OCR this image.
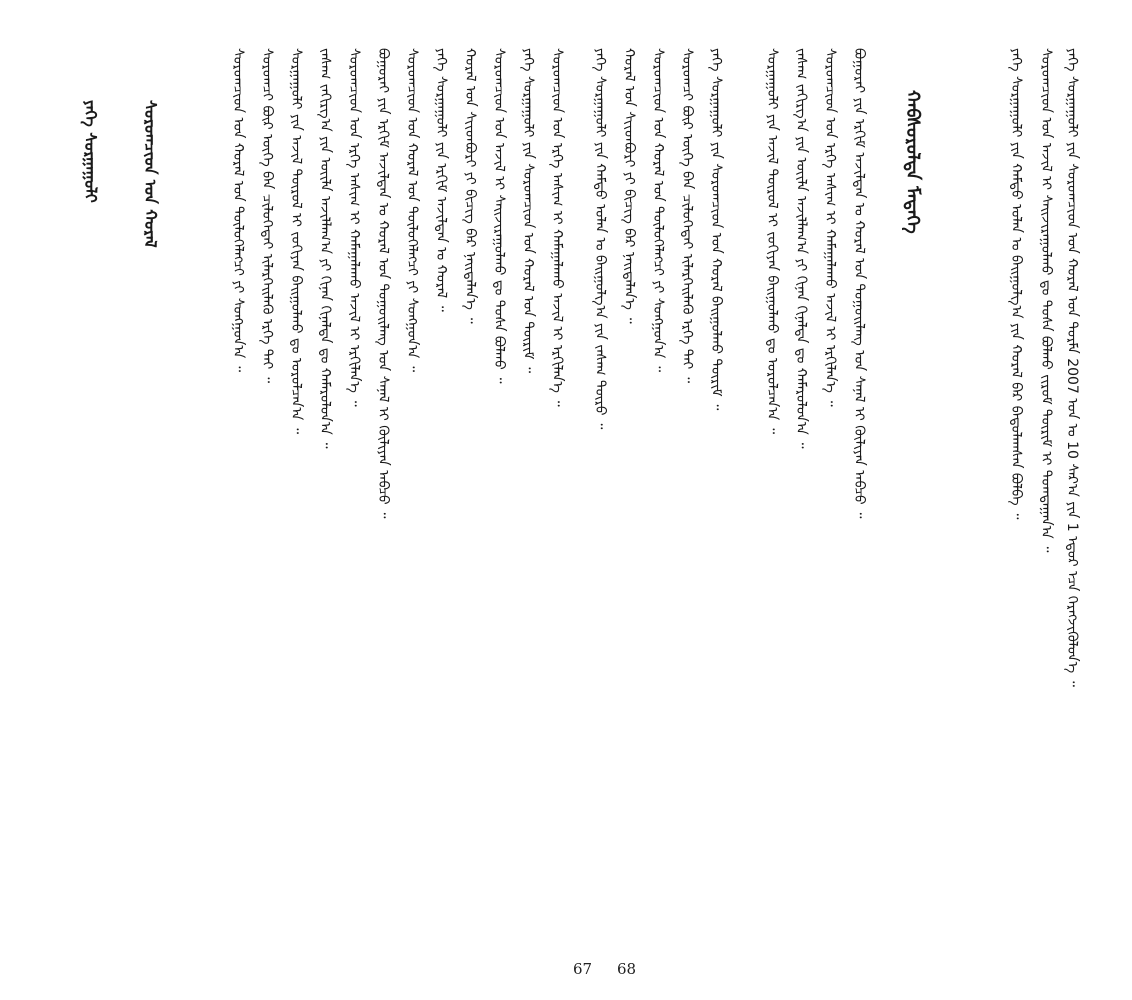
ᠶᠡᠬᠡ ᠰᠤᠷᠭᠠᠭᠤᠯᠢ ᠶᠢᠨ ᠰᠤᠷᠤᠭᠴᠢᠳ ᠤᠨ ᠬᠤᠷᠠᠯ ᠤᠨ ᠳᠤᠷᠮᠠ 2007 ᠣᠨ ᠤ 10 ᠰᠠᠷ᠎ᠠ ᠶᠢᠨ 1 ᠡᠳᠦᠷ ᠡᠴᠡ ᠬᠡᠷᠡᠭᠵᠢᠭᠦᠯᠦᠨ᠎ᠡ ᠃
ᠰᠤᠷᠤᠭᠴᠢᠳ ᠤᠨ ᠠᠵᠢᠯ ᠢ ᠰᠠᠢᠵᠢᠷᠠᠭᠤᠯᠬᠤ ᠳᠤ ᠲᠤᠰᠠ ᠪᠣᠯᠬᠤ ᠵᠢᠷᠤᠮ ᠳᠦᠷᠢᠮ ᠢ ᠲᠣᠭᠲᠠᠭᠠᠨ᠎ᠠ ᠃
ᠶᠡᠬᠡ ᠰᠤᠷᠭᠠᠭᠤᠯᠢ ᠶᠢᠨ ᠬᠠᠮᠲᠤ ᠣᠯᠠᠨ ᠤ ᠪᠠᠢᠭᠤᠯᠭ᠎ᠠ ᠶᠢᠨ ᠬᠤᠷᠠᠯ ᠪᠡᠷ ᠪᠠᠲᠤᠯᠠᠭᠰᠠᠨ ᠪᠣᠯᠪᠠ ᠃
ᠬᠠᠪᠰᠤᠷᠤᠯᠲᠠ ᠮᠡᠳᠡᠭᠡ
ᠪᠣᠭᠣᠷᠠᠢ ᠶᠢᠨ ᠡᠷᠬᠢᠮ ᠠᠵᠢᠯᠲᠠᠨ ᠤ ᠬᠤᠷᠠᠯ ᠤᠨ ᠳᠤᠭᠤᠢᠯᠠᠩ ᠤᠨ ᠰᠠᠨᠠᠯ ᠢ ᠬᠦᠯᠢᠶᠡᠨ ᠠᠪᠴᠤ ᠃
ᠰᠤᠷᠤᠭᠴᠢᠳ ᠤᠨ ᠡᠷᠬᠡ ᠠᠰᠢᠭ ᠢ ᠬᠠᠮᠠᠭᠠᠯᠠᠬᠤ ᠠᠵᠢᠯ ᠢ ᠡᠷᠬᠢᠯᠡᠨ᠎ᠡ ᠃
ᠵᠠᠰᠠᠭ ᠵᠠᠬᠢᠷᠭ᠎ᠠ ᠶᠢᠨ ᠦᠢᠯᠡ ᠠᠵᠢᠯᠯᠠᠭ᠎ᠠ ᠶᠢ ᠬᠢᠨᠠᠨ ᠬᠢᠨᠠᠯᠲᠠ ᠳᠤ ᠬᠠᠮᠠᠷᠤᠯᠤᠨ᠎ᠠ ᠃
ᠰᠤᠷᠭᠠᠭᠤᠯᠢ ᠶᠢᠨ ᠠᠵᠢᠯ ᠲᠥᠷᠦᠯ ᠢ ᠵᠣᠬᠢᠶᠠᠨ ᠪᠠᠢᠭᠤᠯᠬᠤ ᠳᠤ ᠣᠷᠤᠯᠴᠠᠨ᠎ᠠ ᠃
ᠶᠡᠬᠡ ᠰᠤᠷᠭᠠᠭᠤᠯᠢ ᠶᠢᠨ ᠰᠤᠷᠤᠭᠴᠢᠳ ᠤᠨ ᠬᠤᠷᠠᠯ ᠪᠠᠢᠭᠤᠯᠬᠤ ᠳᠦᠷᠢᠮ ᠃
ᠰᠤᠷᠤᠭᠴᠢ ᠪᠦᠷ ᠦᠭᠡ ᠪᠡᠨ ᠴᠢᠯᠦᠭᠡᠲᠡᠢ ᠢᠯᠡᠷᠬᠡᠢᠯᠡᠬᠦ ᠡᠷᠬᠡ ᠲᠡᠢ ᠃
ᠰᠤᠷᠤᠭᠴᠢᠳ ᠤᠨ ᠬᠤᠷᠠᠯ ᠤᠨ ᠲᠥᠯᠦᠭᠡᠯᠡᠭᠴᠢ ᠶᠢ ᠰᠣᠩᠭᠣᠨ᠎ᠠ ᠃
ᠬᠤᠷᠠᠯ ᠤᠨ ᠰᠢᠢᠳᠪᠦᠷᠢ ᠶᠢ ᠪᠢᠴᠢᠭ ᠪᠡᠷ ᠨᠡᠢᠲᠡᠯᠡᠨ᠎ᠡ ᠃
ᠶᠡᠬᠡ ᠰᠤᠷᠭᠠᠭᠤᠯᠢ ᠶᠢᠨ ᠬᠠᠮᠲᠤ ᠣᠯᠠᠨ ᠤ ᠪᠠᠢᠭᠤᠯᠭ᠎ᠠ ᠶᠢᠨ ᠵᠠᠰᠠᠭ ᠲᠥᠷᠦ ᠃
ᠰᠤᠷᠤᠭᠴᠢᠳ ᠤᠨ ᠡᠷᠬᠡ ᠠᠰᠢᠭ ᠢ ᠬᠠᠮᠠᠭᠠᠯᠠᠬᠤ ᠠᠵᠢᠯ ᠢ ᠡᠷᠬᠢᠯᠡᠨ᠎ᠡ ᠃
ᠶᠡᠬᠡ ᠰᠤᠷᠭᠠᠭᠤᠯᠢ ᠶᠢᠨ ᠰᠤᠷᠤᠭᠴᠢᠳ ᠤᠨ ᠬᠤᠷᠠᠯ ᠤᠨ ᠳᠦᠷᠢᠮ ᠃
ᠰᠤᠷᠤᠭᠴᠢᠳ ᠤᠨ ᠠᠵᠢᠯ ᠢ ᠰᠠᠢᠵᠢᠷᠠᠭᠤᠯᠬᠤ ᠳᠤ ᠲᠤᠰᠠ ᠪᠣᠯᠬᠤ ᠃
ᠬᠤᠷᠠᠯ ᠤᠨ ᠰᠢᠢᠳᠪᠦᠷᠢ ᠶᠢ ᠪᠢᠴᠢᠭ ᠪᠡᠷ ᠨᠡᠢᠲᠡᠯᠡᠨ᠎ᠡ ᠃
ᠶᠡᠬᠡ ᠰᠤᠷᠭᠠᠭᠤᠯᠢ ᠶᠢᠨ ᠡᠷᠬᠢᠮ ᠠᠵᠢᠯᠲᠠᠨ ᠤ ᠬᠤᠷᠠᠯ ᠃
ᠰᠤᠷᠤᠭᠴᠢᠳ ᠤᠨ ᠬᠤᠷᠠᠯ ᠤᠨ ᠲᠥᠯᠦᠭᠡᠯᠡᠭᠴᠢ ᠶᠢ ᠰᠣᠩᠭᠣᠨ᠎ᠠ ᠃
ᠪᠣᠭᠣᠷᠠᠢ ᠶᠢᠨ ᠡᠷᠬᠢᠮ ᠠᠵᠢᠯᠲᠠᠨ ᠤ ᠬᠤᠷᠠᠯ ᠤᠨ ᠳᠤᠭᠤᠢᠯᠠᠩ ᠤᠨ ᠰᠠᠨᠠᠯ ᠢ ᠬᠦᠯᠢᠶᠡᠨ ᠠᠪᠴᠤ ᠃
ᠰᠤᠷᠤᠭᠴᠢᠳ ᠤᠨ ᠡᠷᠬᠡ ᠠᠰᠢᠭ ᠢ ᠬᠠᠮᠠᠭᠠᠯᠠᠬᠤ ᠠᠵᠢᠯ ᠢ ᠡᠷᠬᠢᠯᠡᠨ᠎ᠡ ᠃
ᠵᠠᠰᠠᠭ ᠵᠠᠬᠢᠷᠭ᠎ᠠ ᠶᠢᠨ ᠦᠢᠯᠡ ᠠᠵᠢᠯᠯᠠᠭ᠎ᠠ ᠶᠢ ᠬᠢᠨᠠᠨ ᠬᠢᠨᠠᠯᠲᠠ ᠳᠤ ᠬᠠᠮᠠᠷᠤᠯᠤᠨ᠎ᠠ ᠃
ᠰᠤᠷᠭᠠᠭᠤᠯᠢ ᠶᠢᠨ ᠠᠵᠢᠯ ᠲᠥᠷᠦᠯ ᠢ ᠵᠣᠬᠢᠶᠠᠨ ᠪᠠᠢᠭᠤᠯᠬᠤ ᠳᠤ ᠣᠷᠤᠯᠴᠠᠨ᠎ᠠ ᠃
ᠰᠤᠷᠤᠭᠴᠢ ᠪᠦᠷ ᠦᠭᠡ ᠪᠡᠨ ᠴᠢᠯᠦᠭᠡᠲᠡᠢ ᠢᠯᠡᠷᠬᠡᠢᠯᠡᠬᠦ ᠡᠷᠬᠡ ᠲᠡᠢ ᠃
ᠰᠤᠷᠤᠭᠴᠢᠳ ᠤᠨ ᠬᠤᠷᠠᠯ ᠤᠨ ᠲᠥᠯᠦᠭᠡᠯᠡᠭᠴᠢ ᠶᠢ ᠰᠣᠩᠭᠣᠨ᠎ᠠ ᠃
ᠰᠤᠷᠤᠭᠴᠢᠳ ᠤᠨ ᠬᠤᠷᠠᠯ
ᠶᠡᠬᠡ ᠰᠤᠷᠭᠠᠭᠤᠯᠢ
67 68
